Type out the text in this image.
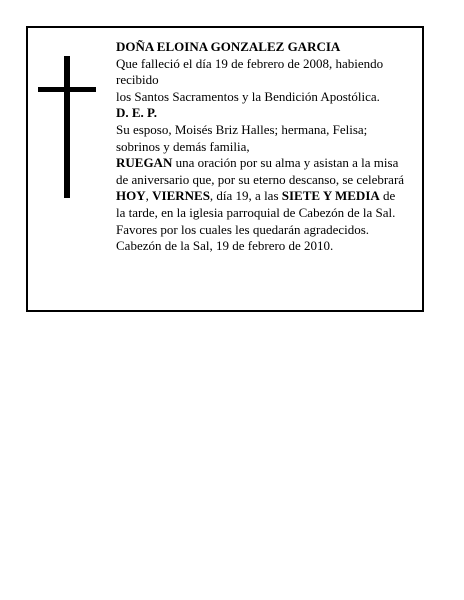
DOÑA ELOINA GONZALEZ GARCIA
Que falleció el día 19 de febrero de 2008, habiendo recibido
los Santos Sacramentos y la Bendición Apostólica.
D. E. P.
Su esposo, Moisés Briz Halles; hermana, Felisa;
sobrinos y demás familia,
RUEGAN una oración por su alma y asistan a la misa
de aniversario que, por su eterno descanso, se celebrará
HOY, VIERNES, día 19, a las SIETE Y MEDIA de
la tarde, en la iglesia parroquial de Cabezón de la Sal.
Favores por los cuales les quedarán agradecidos.
Cabezón de la Sal, 19 de febrero de 2010.
